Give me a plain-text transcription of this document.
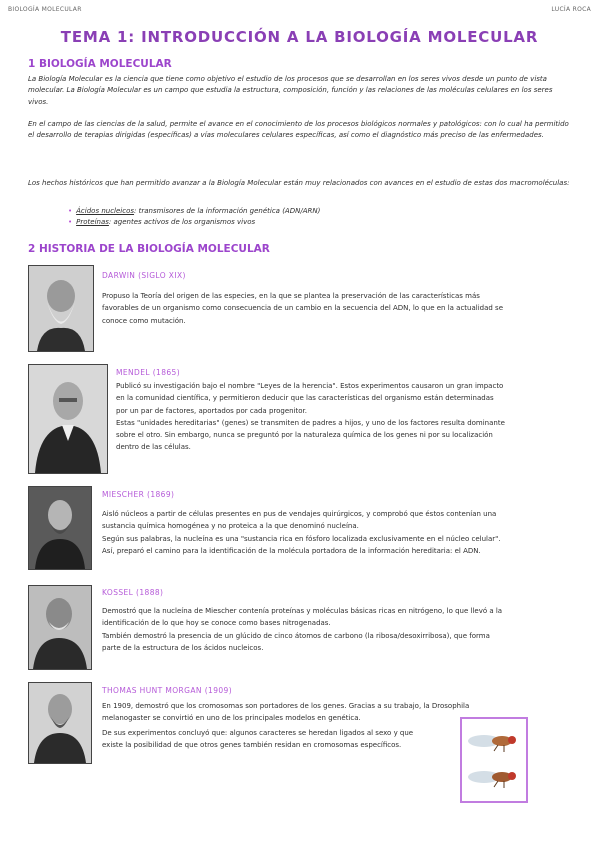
BIOLOGÍA MOLECULAR	LUCÍA ROCA
TEMA 1: INTRODUCCIÓN A LA BIOLOGÍA MOLECULAR
1 BIOLOGÍA MOLECULAR

La Biología Molecular es la ciencia que tiene como objetivo el estudio de los procesos que se desarrollan en los seres vivos desde un punto de vista molecular. La Biología Molecular es un campo que estudia la estructura, composición, función y las relaciones de las moléculas celulares en los seres vivos.

En el campo de las ciencias de la salud, permite el avance en el conocimiento de los procesos biológicos normales y patológicos: con lo cual ha permitido el desarrollo de terapias dirigidas (específicas) a vías moleculares celulares específicas, así como el diagnóstico más preciso de las enfermedades.

Los hechos históricos que han permitido avanzar a la Biología Molecular están muy relacionados con avances en el estudio de estas dos macromoléculas:

• Ácidos nucleicos: transmisores de la información genética (ADN/ARN)
• Proteínas: agentes activos de los organismos vivos
2 HISTORIA DE LA BIOLOGÍA MOLECULAR
DARWIN (SIGLO XIX)

Propuso la Teoría del origen de las especies, en la que se plantea la preservación de las características más
favorables de un organismo como consecuencia de un cambio en la secuencia del ADN, lo que en la actualidad se
conoce como mutación.

MENDEL (1865)

Publicó su investigación bajo el nombre "Leyes de la herencia". Estos experimentos causaron un gran impacto
en la comunidad científica, y permitieron deducir que las características del organismo están determinadas
por un par de factores, aportados por cada progenitor.
Estas "unidades hereditarias" (genes) se transmiten de padres a hijos, y uno de los factores resulta dominante
sobre el otro. Sin embargo, nunca se preguntó por la naturaleza química de los genes ni por su localización
dentro de las células.

MIESCHER (1869)

Aisló núcleos a partir de células presentes en pus de vendajes quirúrgicos, y comprobó que éstos contenían una
sustancia química homogénea y no proteica a la que denominó nucleína.
Según sus palabras, la nucleína es una "sustancia rica en fósforo localizada exclusivamente en el núcleo celular".
Así, preparó el camino para la identificación de la molécula portadora de la información hereditaria: el ADN.

KOSSEL (1888)

Demostró que la nucleína de Miescher contenía proteínas y moléculas básicas ricas en nitrógeno, lo que llevó a la
identificación de lo que hoy se conoce como bases nitrogenadas.
También demostró la presencia de un glúcido de cinco átomos de carbono (la ribosa/desoxirribosa), que forma
parte de la estructura de los ácidos nucleicos.

THOMAS HUNT MORGAN (1909)

En 1909, demostró que los cromosomas son portadores de los genes. Gracias a su trabajo, la Drosophila
melanogaster se convirtió en uno de los principales modelos en genética.
De sus experimentos concluyó que: algunos caracteres se heredan ligados al sexo y que
existe la posibilidad de que otros genes también residan en cromosomas específicos.
